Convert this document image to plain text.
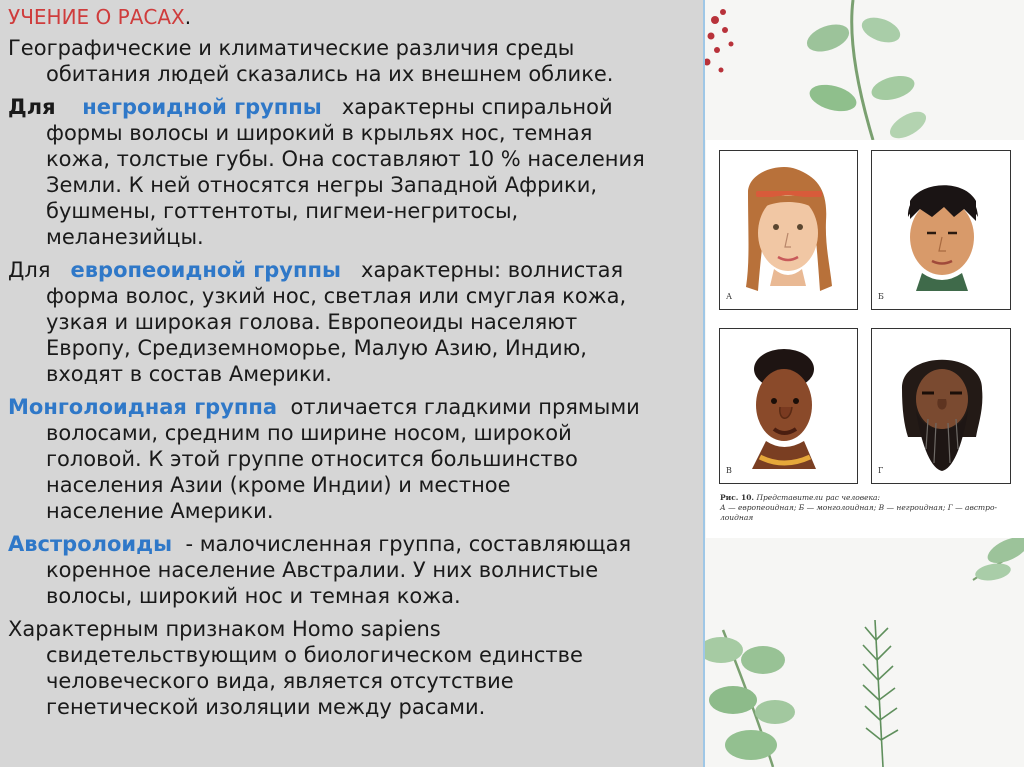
УЧЕНИЕ О РАСАХ.
Географические и климатические различия среды
обитания людей сказались на их внешнем облике.
Для негроидной группы характерны спиральной
формы волосы и широкий в крыльях нос, темная
кожа, толстые губы. Она составляют 10 % населения
Земли. К ней относятся негры Западной Африки,
бушмены, готтентоты, пигмеи-негритосы,
меланезийцы.
Для европеоидной группы характерны: волнистая
форма волос, узкий нос, светлая или смуглая кожа,
узкая и широкая голова. Европеоиды населяют
Европу, Средиземноморье, Малую Азию, Индию,
входят в состав Америки.
Монголоидная группа отличается гладкими прямыми
волосами, средним по ширине носом, широкой
головой. К этой группе относится большинство
населения Азии (кроме Индии) и местное
население Америки.
Австролоиды - малочисленная группа, составляющая
коренное население Австралии. У них волнистые
волосы, широкий нос и темная кожа.
Характерным признаком Homo sapiens
свидетельствующим о биологическом единстве
человеческого вида, является отсутствие
генетической изоляции между расами.
А	Б
В	Г
Рис. 10. Представители рас человека:
А — европеоидная; Б — монголоидная; В — негроидная; Г — австро-
лоидная
